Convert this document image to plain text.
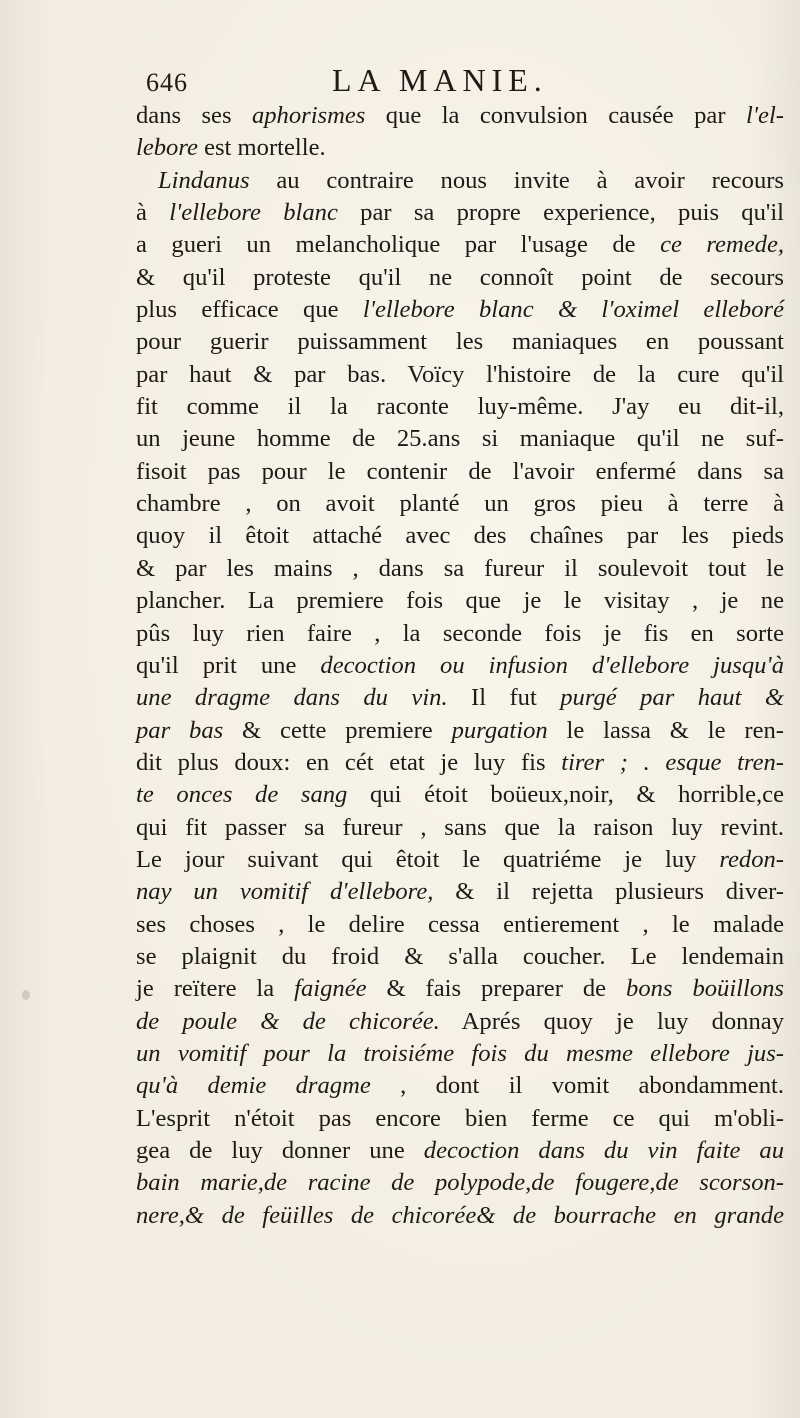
646	LA MANIE.
dans ses aphorismes que la convulsion causée par l'el-
lebore est mortelle.
Lindanus au contraire nous invite à avoir recours
à l'ellebore blanc par sa propre experience, puis qu'il
a gueri un melancholique par l'usage de ce remede,
& qu'il proteste qu'il ne connoît point de secours
plus efficace que l'ellebore blanc & l'oximel elleboré
pour guerir puissamment les maniaques en poussant
par haut & par bas. Voïcy l'histoire de la cure qu'il
fit comme il la raconte luy-même. J'ay eu dit-il,
un jeune homme de 25.ans si maniaque qu'il ne suf-
fisoit pas pour le contenir de l'avoir enfermé dans sa
chambre , on avoit planté un gros pieu à terre à
quoy il êtoit attaché avec des chaînes par les pieds
& par les mains , dans sa fureur il soulevoit tout le
plancher. La premiere fois que je le visitay , je ne
pûs luy rien faire , la seconde fois je fis en sorte
qu'il prit une decoction ou infusion d'ellebore jusqu'à
une dragme dans du vin. Il fut purgé par haut &
par bas & cette premiere purgation le lassa & le ren-
dit plus doux: en cét etat je luy fis tirer ; . esque tren-
te onces de sang qui étoit boüeux,noir, & horrible,ce
qui fit passer sa fureur , sans que la raison luy revint.
Le jour suivant qui êtoit le quatriéme je luy redon-
nay un vomitif d'ellebore, & il rejetta plusieurs diver-
ses choses , le delire cessa entierement , le malade
se plaignit du froid & s'alla coucher. Le lendemain
je reïtere la faignée & fais preparer de bons boüillons
de poule & de chicorée. Aprés quoy je luy donnay
un vomitif pour la troisiéme fois du mesme ellebore jus-
qu'à demie dragme , dont il vomit abondamment.
L'esprit n'étoit pas encore bien ferme ce qui m'obli-
gea de luy donner une decoction dans du vin faite au
bain marie,de racine de polypode,de fougere,de scorson-
nere,& de feüilles de chicorée& de bourrache en grande
